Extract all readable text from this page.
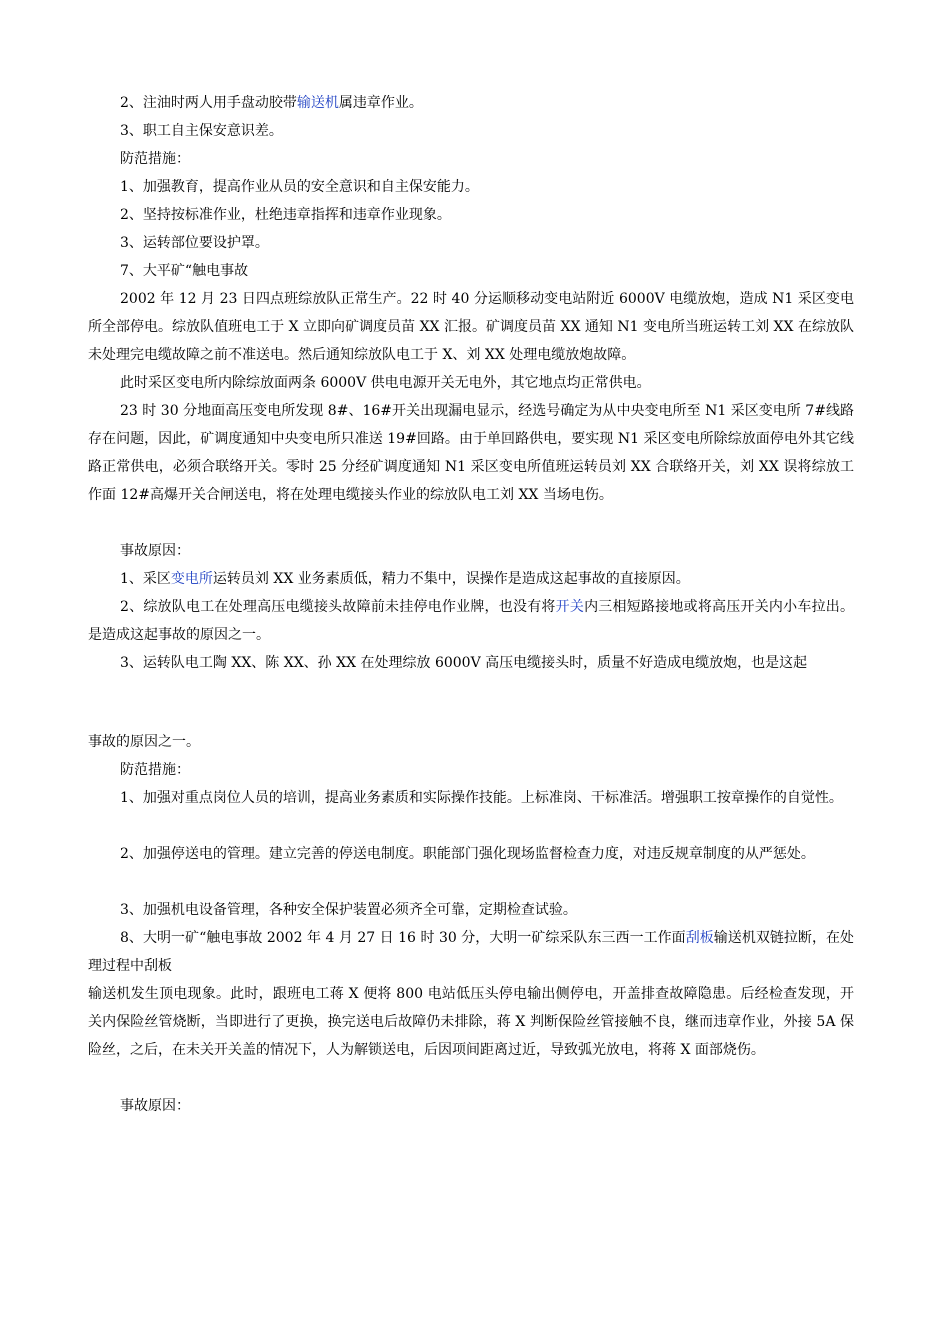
2、注油时两人用手盘动胶带输送机属违章作业。

3、职工自主保安意识差。

防范措施：

1、加强教育，提高作业从员的安全意识和自主保安能力。

2、坚持按标准作业，杜绝违章指挥和违章作业现象。

3、运转部位要设护罩。

7、大平矿“触电事故

2002 年 12 月 23 日四点班综放队正常生产。22 时 40 分运顺移动变电站附近 6000V 电缆放炮，造成 N1 采区变电所全部停电。综放队值班电工于 X 立即向矿调度员苗 XX 汇报。矿调度员苗 XX 通知 N1 变电所当班运转工刘 XX 在综放队未处理完电缆故障之前不准送电。然后通知综放队电工于 X、刘 XX 处理电缆放炮故障。

此时采区变电所内除综放面两条 6000V 供电电源开关无电外，其它地点均正常供电。

23 时 30 分地面高压变电所发现 8#、16#开关出现漏电显示，经选号确定为从中央变电所至 N1 采区变电所 7#线路存在问题，因此，矿调度通知中央变电所只准送 19#回路。由于单回路供电，要实现 N1 采区变电所除综放面停电外其它线路正常供电，必须合联络开关。零时 25 分经矿调度通知 N1 采区变电所值班运转员刘 XX 合联络开关，刘 XX 误将综放工作面 12#高爆开关合闸送电，将在处理电缆接头作业的综放队电工刘 XX 当场电伤。

事故原因：

1、采区变电所运转员刘 XX 业务素质低，精力不集中，误操作是造成这起事故的直接原因。

2、综放队电工在处理高压电缆接头故障前未挂停电作业牌，也没有将开关内三相短路接地或将高压开关内小车拉出。是造成这起事故的原因之一。

3、运转队电工陶 XX、陈 XX、孙 XX 在处理综放 6000V 高压电缆接头时，质量不好造成电缆放炮，也是这起

事故的原因之一。

防范措施：

1、加强对重点岗位人员的培训，提高业务素质和实际操作技能。上标准岗、干标准活。增强职工按章操作的自觉性。

2、加强停送电的管理。建立完善的停送电制度。职能部门强化现场监督检查力度，对违反规章制度的从严惩处。

3、加强机电设备管理，各种安全保护装置必须齐全可靠，定期检查试验。

8、大明一矿“触电事故 2002 年 4 月 27 日 16 时 30 分，大明一矿综采队东三西一工作面刮板输送机双链拉断，在处理过程中刮板

输送机发生顶电现象。此时，跟班电工蒋 X 便将 800 电站低压头停电输出侧停电，开盖排查故障隐患。后经检查发现，开关内保险丝管烧断，当即进行了更换，换完送电后故障仍未排除，蒋 X 判断保险丝管接触不良，继而违章作业，外接 5A 保险丝，之后，在未关开关盖的情况下，人为解锁送电，后因项间距离过近，导致弧光放电，将蒋 X 面部烧伤。

事故原因：
